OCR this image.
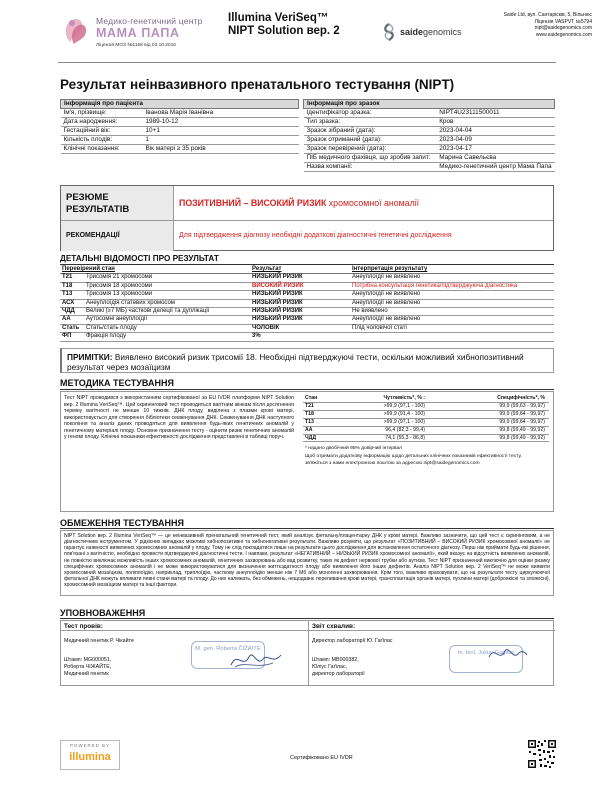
Медико-генетичний центр
МАМА ПАПА
Ліцензія МОЗ №1168 від 03.10.2016
Illumina VeriSeq™
NIPT Solution вер. 2	saidegenomics
Saide Ltd, вул. Сантарісків, 5, Вільнюс
Ліцензія VASPVT №5794
nipt@saidegenomics.com
www.saidegenomics.com
Результат неінвазивного пренатального тестування (NIPT)
Інформація про пацієнта	
Ім'я, прізвище:	Іванова Марія Іванівна
Дата народження:	1989-10-12
Гестаційний вік:	10+1
Кількість плодів:	1
Клінічні показання:	Вік матері ≥ 35 років
Інформація про зразок	
Ідентифікатор зразка:	NIPT4U23111500011
Тип зразка:	Кров
Зразок зібраний (дата):	2023-04-04
Зразок отриманий (дата):	2023-04-09
Зразок перевірений (дата):	2023-04-17
ПІБ медичного фахівця, що зробив запит:	Марина Савельєва
Назва компанії:	Медико-генетичний центр Мама Папа
РЕЗЮМЕ РЕЗУЛЬТАТІВ
ПОЗИТИВНИЙ – ВИСОКИЙ РИЗИК хромосомної аномалії
РЕКОМЕНДАЦІЇ	Для підтвердження діагнозу необхідні додаткові діагностичні генетичні дослідження
ДЕТАЛЬНІ ВІДОМОСТІ ПРО РЕЗУЛЬТАТ
Перевірений стан		Результат	Інтерпретація результату
T21	Трисомія 21 хромосоми	НИЗЬКИЙ РИЗИК	Анеуплоїдії не виявлено
T18	Трисомія 18 хромосоми	ВИСОКИЙ РИЗИК	Потрібна консультація генетика/підтверджуюча діагностика
T13	Трисомія 13 хромосоми	НИЗЬКИЙ РИЗИК	Анеуплоїдії не виявлено
АСХ	Анеуплоїдія статевих хромосом	НИЗЬКИЙ РИЗИК	Анеуплоїдії не виявлено
ЧДД	Великі (≥7 МБ) часткові делеції та дуплікації	НИЗЬКИЙ РИЗИК	Не виявлено
АА	Аутосомні анеуплоїдії	НИЗЬКИЙ РИЗИК	Анеуплоїдії не виявлено
Стать	Стать/стать плоду	ЧОЛОВІК	Плід чоловічої статі
ФП	Фракція плоду	3%	
ПРИМІТКИ: Виявлено високий ризик трисомії 18. Необхідні підтверджуючі тести, оскільки можливий хибнопозитивний результат через мозаїцизм
МЕТОДИКА ТЕСТУВАННЯ
Тест NIPT проводився з використанням сертифікованої за EU IVDR платформи NIPT Solution вер. 2 Illumina VeriSeq™. Цей скринінговий тест проводиться вагітним жінкам після досягнення терміну вагітності не менше 10 тижнів. ДНК плоду, виділена з плазми крові матері, використовується для створення бібліотеки секвенування ДНК. Секвенування ДНК наступного покоління та аналіз даних проводяться для виявлення будь-яких генетичних аномалій у генетичному матеріалі плоду. Основне призначення тесту - оцінити ризик генетичних аномалій у геномі плоду. Клінічні показники ефективності дослідження представлені в таблиці поруч.
Стан	Чутливість*, % :	Специфічність*, %
T21	>99,9 (97,1 - 100)	99,9 (99,63 - 99,97)
T18	>99,9 (91,4 - 100)	99,9 (99,64 - 99,97)
T13	>99,9 (97,1 - 100)	99,9 (99,64 - 99,97)
АА	96,4 (82,3 - 99,4)	99,8 (99,49 - 99,92)
ЧДД	74,1 (55,3 - 86,8)	99,8 (99,49 - 99,92)
* надано двобічний 95% довірчий інтервал
Щоб отримати додаткову інформацію щодо детальних клінічних показників ефективності тесту, зв'яжіться з нами електронною поштою за адресою nipt@saidegenomics.com
ОБМЕЖЕННЯ ТЕСТУВАННЯ
NIPT Solution вер. 2 Illumina VeriSeq™ — це неінвазивний пренатальний генетичний тест, який аналізує фетальну/плацентарну ДНК у крові матері. Важливо зазначити, що цей тест є скринінговим, а не діагностичним інструментом. У рідкісних випадках можливі хибнопозитивні та хибнонегативні результати. Важливо розуміти, що результат «ПОЗИТИВНИЙ – ВИСОКИЙ РИЗИК хромосомної аномалії» не гарантує наявності виявлених хромосомних аномалій у плоду. Тому не слід покладатися лише на результати цього дослідження для встановлення остаточного діагнозу. Перш ніж приймати будь-які рішення, пов'язані з вагітністю, необхідно провести підтверджуючі діагностичні тести. І навпаки, результат «НЕГАТИВНИЙ – НИЗЬКИЙ РИЗИК хромосомної аномалії», який вказує на відсутність виявлених аномалій, не повністю виключає можливість інших хромосомних аномалій, генетичних захворювань або вад розвитку, таких як дефект нервової трубки або аутизм. Тест NIPT призначений виключно для оцінки ризику специфічних хромосомних аномалій і не може використовуватися для визначення життєздатності плоду або виявлення його інших дефектів. Аналіз NIPT Solution вер. 2 VeriSeq™ не може виявити хромосомний мозаїцизм, поліплоїдію, наприклад, триплоїдію, часткову анеуплоїдію менше ніж 7 Мб або моногенні захворювання. Крім того, важливо враховувати, що на результати тесту циркулюючої фетальної ДНК можуть впливати певні стани матері та плоду. До них належать, без обмежень, нещодавнє переливання крові матері, трансплантація органів матері, пухлини матері (доброякісні та злоякісні), хромосомний мозаїцизм матері та інші фактори.
УПОВНОВАЖЕННЯ
Тест провів:
Медичний генетик Р. Чікайте
Штамп: MG000051,
Роберта ЧІЖАЙТЕ,
Медичний генетик
М. gen. Roberta ČIŽAITĖ
Звіт схвалив:
Директор лабораторії Ю. Гаґілас
Штамп: MB000382,
Юліус Гаґілас,
директор лабораторії
m. biol. Julius Gagilas
POWERED BY
illumina	Сертифіковано EU IVDR
